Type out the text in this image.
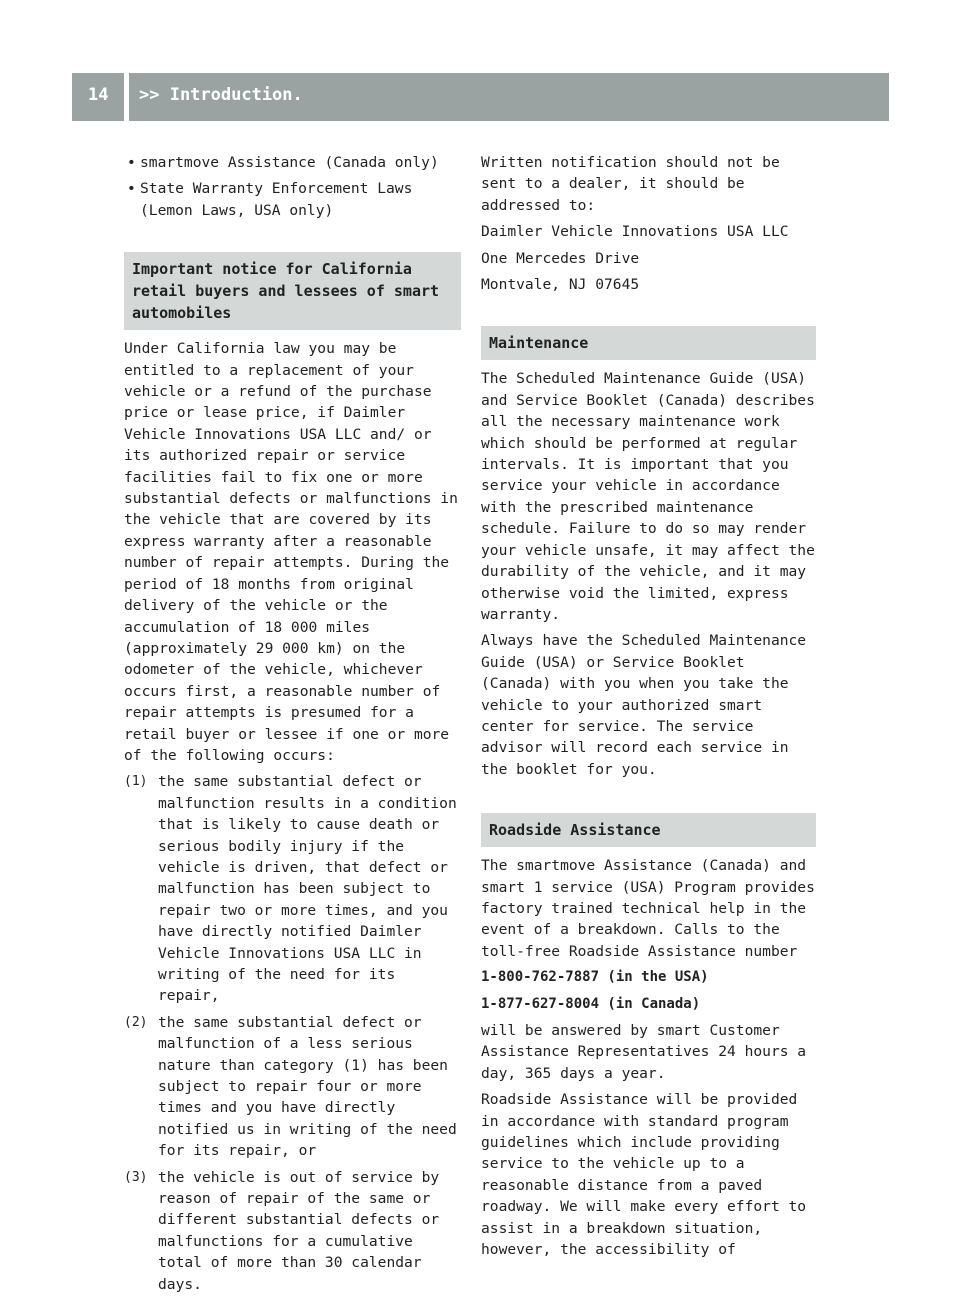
14 >> Introduction.
• smartmove Assistance (Canada only)
• State Warranty Enforcement Laws (Lemon Laws, USA only)
Important notice for California retail buyers and lessees of smart automobiles

Under California law you may be entitled to a replacement of your vehicle or a refund of the purchase price or lease price, if Daimler Vehicle Innovations USA LLC and/ or its authorized repair or service facilities fail to fix one or more substantial defects or malfunctions in the vehicle that are covered by its express warranty after a reasonable number of repair attempts. During the period of 18 months from original delivery of the vehicle or the accumulation of 18 000 miles (approximately 29 000 km) on the odometer of the vehicle, whichever occurs first, a reasonable number of repair attempts is presumed for a retail buyer or lessee if one or more of the following occurs:

(1) the same substantial defect or malfunction results in a condition that is likely to cause death or serious bodily injury if the vehicle is driven, that defect or malfunction has been subject to repair two or more times, and you have directly notified Daimler Vehicle Innovations USA LLC in writing of the need for its repair,
(2) the same substantial defect or malfunction of a less serious nature than category (1) has been subject to repair four or more times and you have directly notified us in writing of the need for its repair, or
(3) the vehicle is out of service by reason of repair of the same or different substantial defects or malfunctions for a cumulative total of more than 30 calendar days.

Written notification should not be sent to a dealer, it should be addressed to:

Daimler Vehicle Innovations USA LLC

One Mercedes Drive

Montvale, NJ 07645

Maintenance

The Scheduled Maintenance Guide (USA) and Service Booklet (Canada) describes all the necessary maintenance work which should be performed at regular intervals. It is important that you service your vehicle in accordance with the prescribed maintenance schedule. Failure to do so may render your vehicle unsafe, it may affect the durability of the vehicle, and it may otherwise void the limited, express warranty.

Always have the Scheduled Maintenance Guide (USA) or Service Booklet (Canada) with you when you take the vehicle to your authorized smart center for service. The service advisor will record each service in the booklet for you.

Roadside Assistance

The smartmove Assistance (Canada) and smart 1 service (USA) Program provides factory trained technical help in the event of a breakdown. Calls to the toll-free Roadside Assistance number

1-800-762-7887 (in the USA)
1-877-627-8004 (in Canada)

will be answered by smart Customer Assistance Representatives 24 hours a day, 365 days a year.

Roadside Assistance will be provided in accordance with standard program guidelines which include providing service to the vehicle up to a reasonable distance from a paved roadway. We will make every effort to assist in a breakdown situation, however, the accessibility of
